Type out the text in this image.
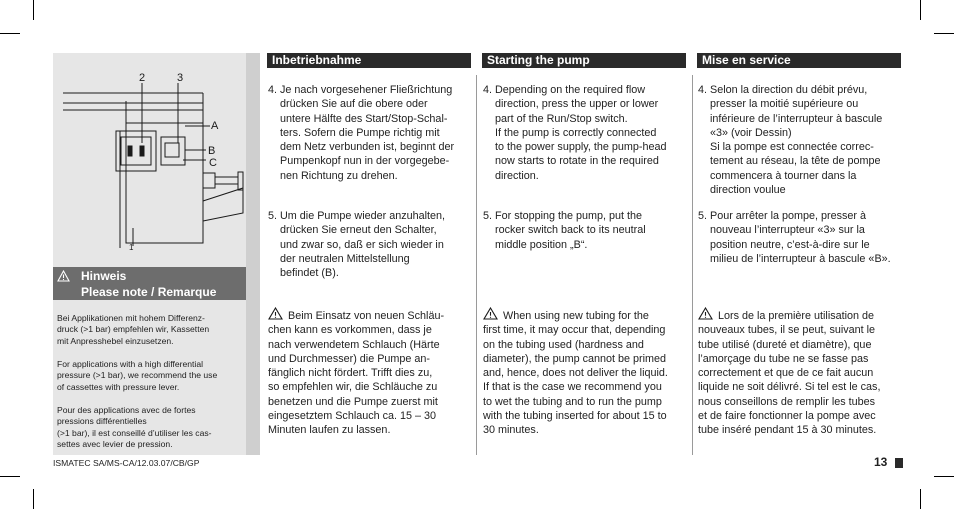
2	3
A
B
C
1
Hinweis
Please note / Remarque
Bei Applikationen mit hohem Differenz-
druck (>1 bar) empfehlen wir, Kassetten
mit Anpresshebel einzusetzen.
For applications with a high differential
pressure (>1 bar), we recommend the use
of cassettes with pressure lever.
Pour des applications avec de fortes
pressions différentielles
(>1 bar), il est conseillé d’utiliser les cas-
settes avec levier de pression.
Inbetriebnahme	Starting the pump	Mise en service
4. Je nach vorgesehener Fließrichtung
drücken Sie auf die obere oder
untere Hälfte des Start/Stop-Schal-
ters. Sofern die Pumpe richtig mit
dem Netz verbunden ist, beginnt der
Pumpenkopf nun in der vorgegebe-
nen Richtung zu drehen.
5. Um die Pumpe wieder anzuhalten,
drücken Sie erneut den Schalter,
und zwar so, daß er sich wieder in
der neutralen Mittelstellung
befindet (B).
Beim Einsatz von neuen Schläu-
chen kann es vorkommen, dass je
nach verwendetem Schlauch (Härte
und Durchmesser) die Pumpe an-
fänglich nicht fördert. Trifft dies zu,
so empfehlen wir, die Schläuche zu
benetzen und die Pumpe zuerst mit
eingesetztem Schlauch ca. 15 – 30
Minuten laufen zu lassen.
4. Depending on the required flow
direction, press the upper or lower
part of the Run/Stop switch.
If the pump is correctly connected
to the power supply, the pump-head
now starts to rotate in the required
direction.
5. For stopping the pump, put the
rocker switch back to its neutral
middle position „B“.
When using new tubing for the
first time, it may occur that, depending
on the tubing used (hardness and
diameter), the pump cannot be primed
and, hence, does not deliver the liquid.
If that is the case we recommend you
to wet the tubing and to run the pump
with the tubing inserted for about 15 to
30 minutes.
4. Selon la direction du débit prévu,
presser la moitié supérieure ou
inférieure de l’interrupteur à bascule
«3» (voir Dessin)
Si la pompe est connectée correc-
tement au réseau, la tête de pompe
commencera à tourner dans la
direction voulue
5. Pour arrêter la pompe, presser à
nouveau l’interrupteur «3» sur la
position neutre, c’est-à-dire sur le
milieu de l’interrupteur à bascule «B».
Lors de la première utilisation de
nouveaux tubes, il se peut, suivant le
tube utilisé (dureté et diamètre), que
l’amorçage du tube ne se fasse pas
correctement et que de ce fait aucun
liquide ne soit délivré. Si tel est le cas,
nous conseillons de remplir les tubes
et de faire fonctionner la pompe avec
tube inséré pendant 15 à 30 minutes.
ISMATEC SA/MS-CA/12.03.07/CB/GP	13
